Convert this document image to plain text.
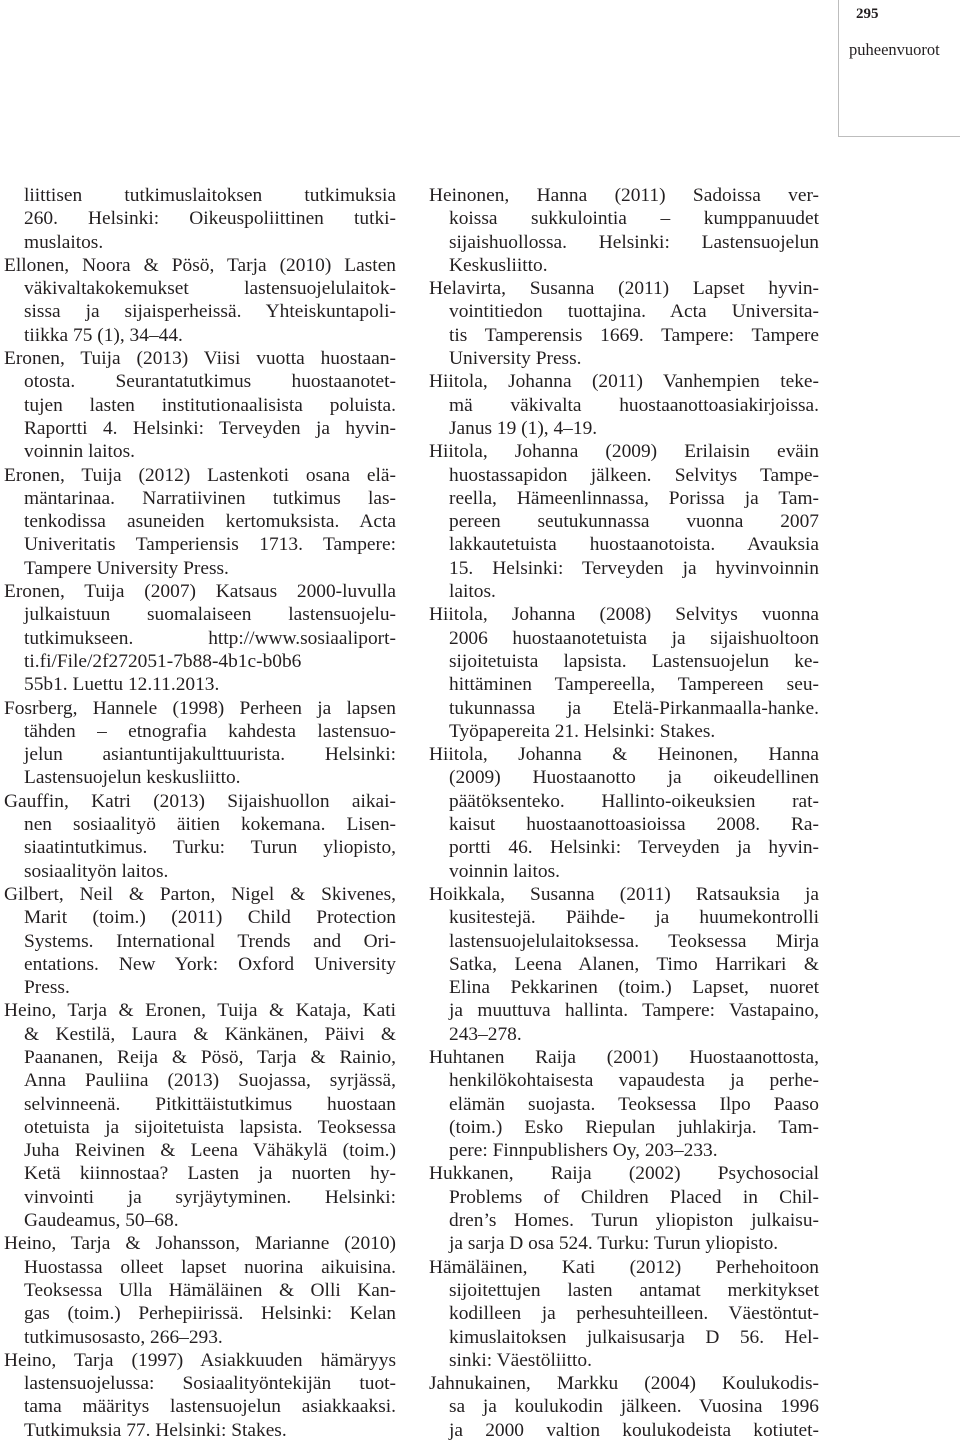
295
puheenvuorot
liittisen tutkimuslaitoksen tutkimuksia
260. Helsinki: Oikeuspoliittinen tutki-
muslaitos.
Ellonen, Noora & Pösö, Tarja (2010) Lasten
väkivaltakokemukset lastensuojelulaitok-
sissa ja sijaisperheissä. Yhteiskuntapoli-
tiikka 75 (1), 34–44.
Eronen, Tuija (2013) Viisi vuotta huostaan-
otosta. Seurantatutkimus huostaanotet-
tujen lasten institutionaalisista poluista.
Raportti 4. Helsinki: Terveyden ja hyvin-
voinnin laitos.
Eronen, Tuija (2012) Lastenkoti osana elä-
mäntarinaa. Narratiivinen tutkimus las-
tenkodissa asuneiden kertomuksista. Acta
Univeritatis Tamperiensis 1713. Tampere:
Tampere University Press.
Eronen, Tuija (2007) Katsaus 2000-luvulla
julkaistuun suomalaiseen lastensuojelu-
tutkimukseen. http://www.sosiaaliport-
ti.fi/File/2f272051-7b88-4b1c-b0b6
55b1. Luettu 12.11.2013.
Fosrberg, Hannele (1998) Perheen ja lapsen
tähden – etnografia kahdesta lastensuo-
jelun asiantuntijakulttuurista. Helsinki:
Lastensuojelun keskusliitto.
Gauffin, Katri (2013) Sijaishuollon aikai-
nen sosiaalityö äitien kokemana. Lisen-
siaatintutkimus. Turku: Turun yliopisto,
sosiaalityön laitos.
Gilbert, Neil & Parton, Nigel & Skivenes,
Marit (toim.) (2011) Child Protection
Systems. International Trends and Ori-
entations. New York: Oxford University
Press.
Heino, Tarja & Eronen, Tuija & Kataja, Kati
& Kestilä, Laura & Känkänen, Päivi &
Paananen, Reija & Pösö, Tarja & Rainio,
Anna Pauliina (2013) Suojassa, syrjässä,
selvinneenä. Pitkittäistutkimus huostaan
otetuista ja sijoitetuista lapsista. Teoksessa
Juha Reivinen & Leena Vähäkylä (toim.)
Ketä kiinnostaa? Lasten ja nuorten hy-
vinvointi ja syrjäytyminen. Helsinki:
Gaudeamus, 50–68.
Heino, Tarja & Johansson, Marianne (2010)
Huostassa olleet lapset nuorina aikuisina.
Teoksessa Ulla Hämäläinen & Olli Kan-
gas (toim.) Perhepiirissä. Helsinki: Kelan
tutkimusosasto, 266–293.
Heino, Tarja (1997) Asiakkuuden hämäryys
lastensuojelussa: Sosiaalityöntekijän tuot-
tama määritys lastensuojelun asiakkaaksi.
Tutkimuksia 77. Helsinki: Stakes.
Heinonen, Hanna (2011) Sadoissa ver-
koissa sukkulointia – kumppanuudet
sijaishuollossa. Helsinki: Lastensuojelun
Keskusliitto.
Helavirta, Susanna (2011) Lapset hyvin-
vointitiedon tuottajina. Acta Universita-
tis Tamperensis 1669. Tampere: Tampere
University Press.
Hiitola, Johanna (2011) Vanhempien teke-
mä väkivalta huostaanottoasiakirjoissa.
Janus 19 (1), 4–19.
Hiitola, Johanna (2009) Erilaisin eväin
huostassapidon jälkeen. Selvitys Tampe-
reella, Hämeenlinnassa, Porissa ja Tam-
pereen seutukunnassa vuonna 2007
lakkautetuista huostaanotoista. Avauksia
15. Helsinki: Terveyden ja hyvinvoinnin
laitos.
Hiitola, Johanna (2008) Selvitys vuonna
2006 huostaanotetuista ja sijaishuoltoon
sijoitetuista lapsista. Lastensuojelun ke-
hittäminen Tampereella, Tampereen seu-
tukunnassa ja Etelä-Pirkanmaalla-hanke.
Työpapereita 21. Helsinki: Stakes.
Hiitola, Johanna & Heinonen, Hanna
(2009) Huostaanotto ja oikeudellinen
päätöksenteko. Hallinto-oikeuksien rat-
kaisut huostaanottoasioissa 2008. Ra-
portti 46. Helsinki: Terveyden ja hyvin-
voinnin laitos.
Hoikkala, Susanna (2011) Ratsauksia ja
kusitestejä. Päihde- ja huumekontrolli
lastensuojelulaitoksessa. Teoksessa Mirja
Satka, Leena Alanen, Timo Harrikari &
Elina Pekkarinen (toim.) Lapset, nuoret
ja muuttuva hallinta. Tampere: Vastapaino,
243–278.
Huhtanen Raija (2001) Huostaanottosta,
henkilökohtaisesta vapaudesta ja perhe-
elämän suojasta. Teoksessa Ilpo Paaso
(toim.) Esko Riepulan juhlakirja. Tam-
pere: Finnpublishers Oy, 203–233.
Hukkanen, Raija (2002) Psychosocial
Problems of Children Placed in Chil-
dren’s Homes. Turun yliopiston julkaisu-
ja sarja D osa 524. Turku: Turun yliopisto.
Hämäläinen, Kati (2012) Perhehoitoon
sijoitettujen lasten antamat merkitykset
kodilleen ja perhesuhteilleen. Väestöntut-
kimuslaitoksen julkaisusarja D 56. Hel-
sinki: Väestöliitto.
Jahnukainen, Markku (2004) Koulukodis-
sa ja koulukodin jälkeen. Vuosina 1996
ja 2000 valtion koulukodeista kotiutet-
